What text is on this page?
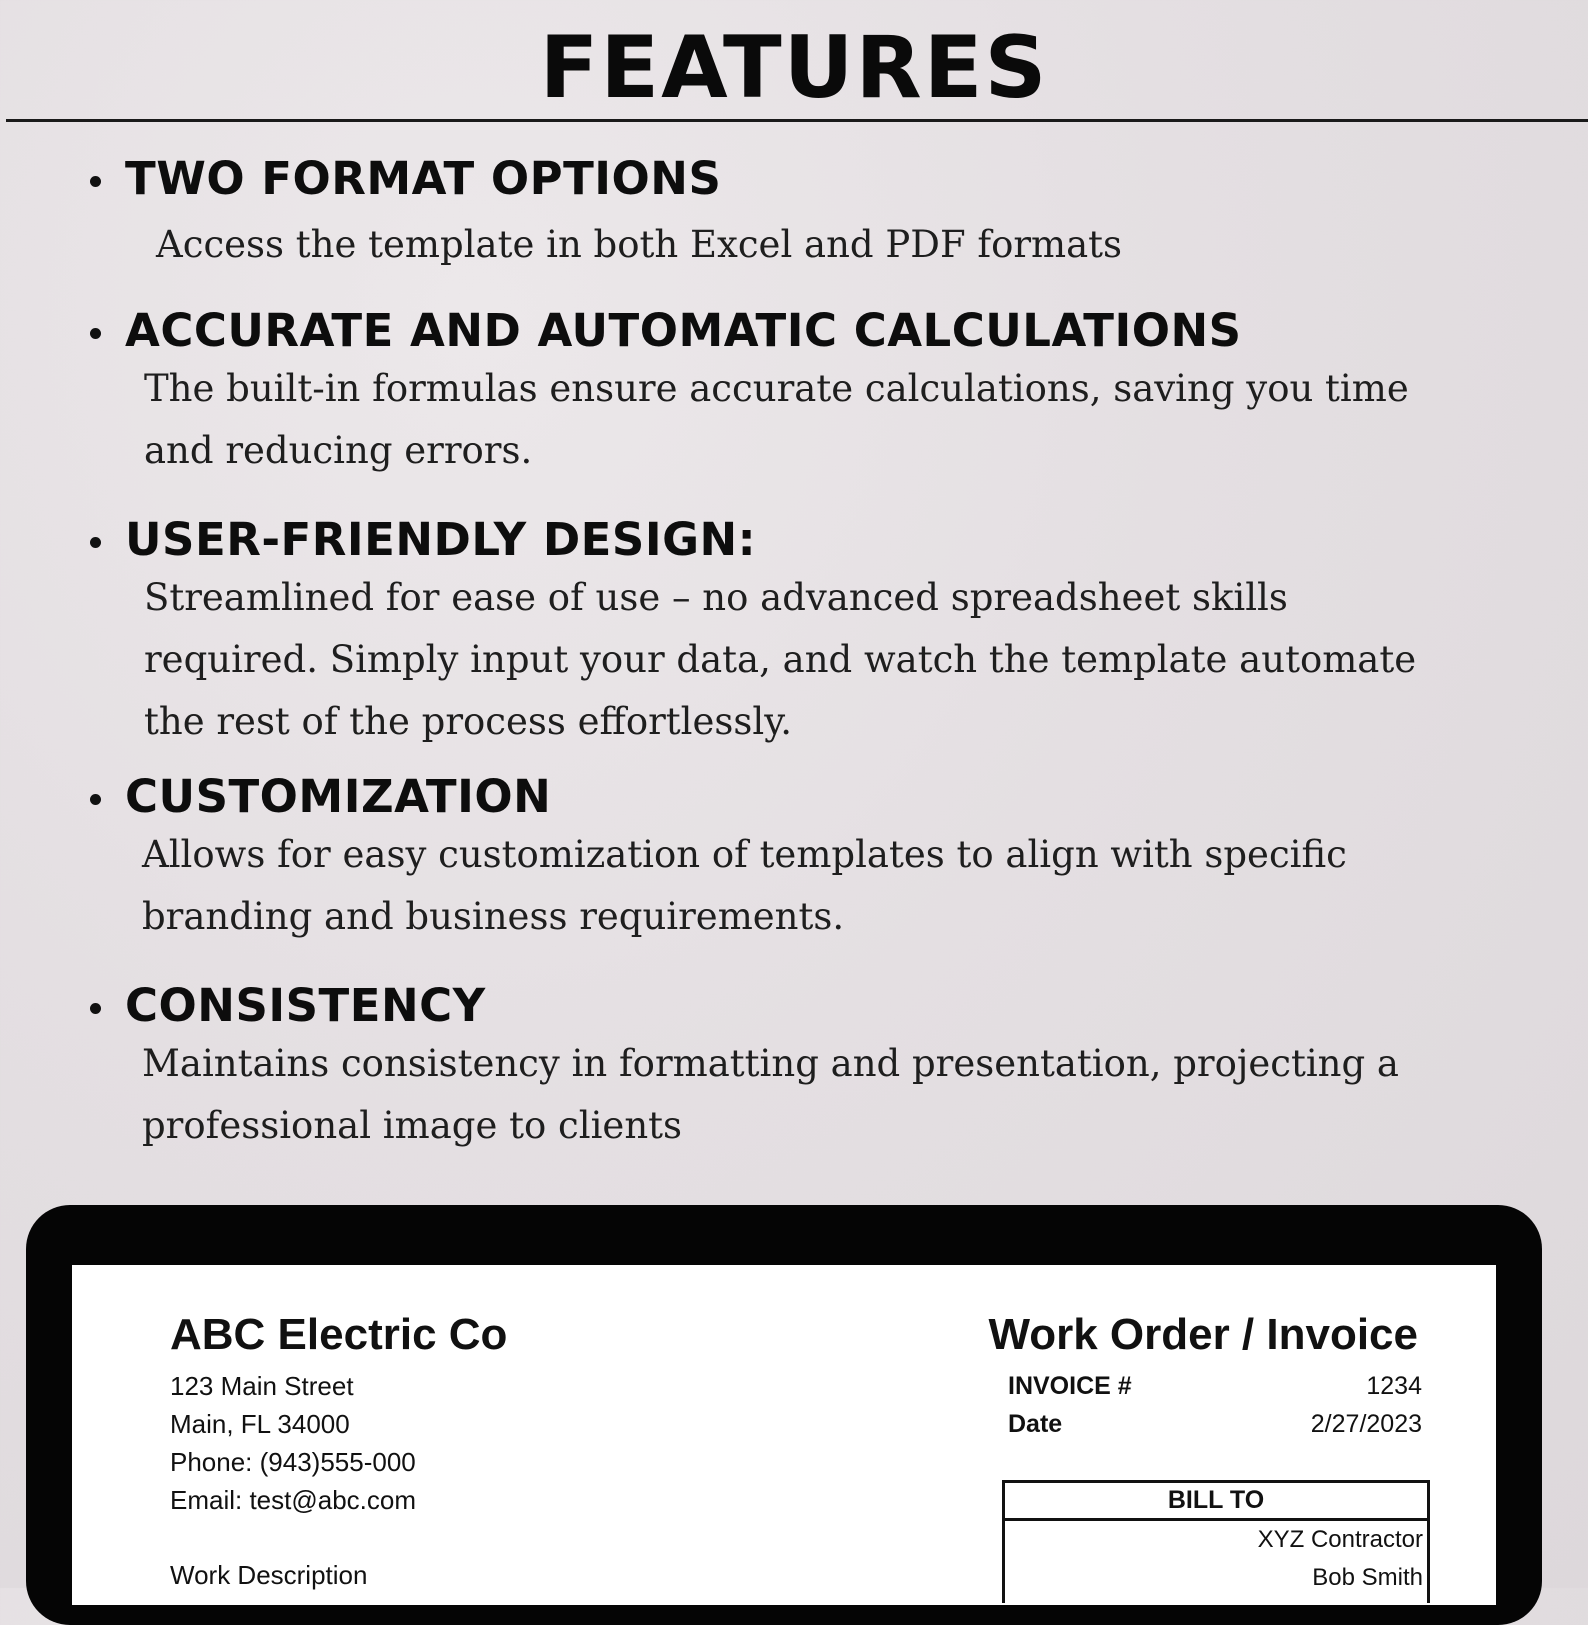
FEATURES
TWO FORMAT OPTIONS

Access the template in both Excel and PDF formats

ACCURATE AND AUTOMATIC CALCULATIONS

The built-in formulas ensure accurate calculations, saving you time
and reducing errors.

USER-FRIENDLY DESIGN:

Streamlined for ease of use – no advanced spreadsheet skills
required. Simply input your data, and watch the template automate
the rest of the process effortlessly.

CUSTOMIZATION

Allows for easy customization of templates to align with specific
branding and business requirements.

CONSISTENCY

Maintains consistency in formatting and presentation, projecting a
professional image to clients

ABC Electric Co
123 Main Street
Main, FL 34000
Phone: (943)555-000
Email: test@abc.com
Work Order / Invoice
INVOICE #	1234
Date	2/27/2023
BILL TO
XYZ Contractor
Bob Smith
Work Description
